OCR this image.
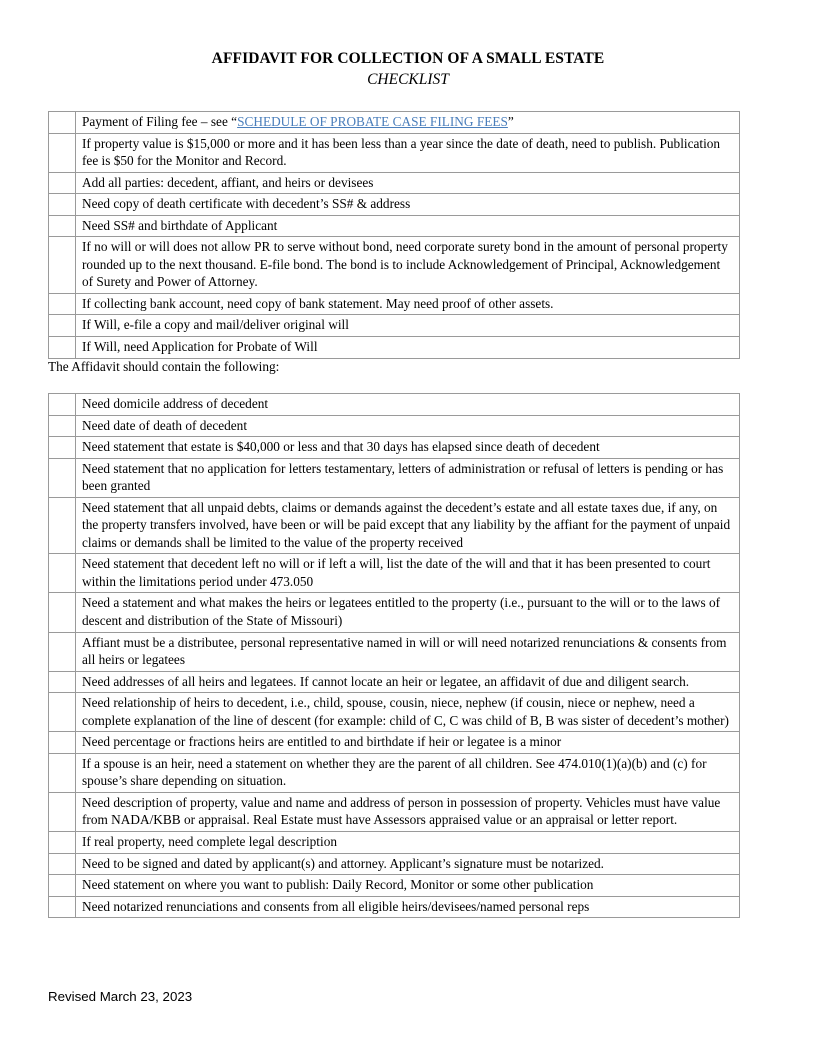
AFFIDAVIT FOR COLLECTION OF A SMALL ESTATE
CHECKLIST
	Payment of Filing fee – see “SCHEDULE OF PROBATE CASE FILING FEES”
	If property value is $15,000 or more and it has been less than a year since the date of death, need to publish. Publication fee is $50 for the Monitor and Record.
	Add all parties: decedent, affiant, and heirs or devisees
	Need copy of death certificate with decedent’s SS# & address
	Need SS# and birthdate of Applicant
	If no will or will does not allow PR to serve without bond, need corporate surety bond in the amount of personal property rounded up to the next thousand. E-file bond. The bond is to include Acknowledgement of Principal, Acknowledgement of Surety and Power of Attorney.
	If collecting bank account, need copy of bank statement. May need proof of other assets.
	If Will, e-file a copy and mail/deliver original will
	If Will, need Application for Probate of Will
The Affidavit should contain the following:
	Need domicile address of decedent
	Need date of death of decedent
	Need statement that estate is $40,000 or less and that 30 days has elapsed since death of decedent
	Need statement that no application for letters testamentary, letters of administration or refusal of letters is pending or has been granted
	Need statement that all unpaid debts, claims or demands against the decedent’s estate and all estate taxes due, if any, on the property transfers involved, have been or will be paid except that any liability by the affiant for the payment of unpaid claims or demands shall be limited to the value of the property received
	Need statement that decedent left no will or if left a will, list the date of the will and that it has been presented to court within the limitations period under 473.050
	Need a statement and what makes the heirs or legatees entitled to the property (i.e., pursuant to the will or to the laws of descent and distribution of the State of Missouri)
	Affiant must be a distributee, personal representative named in will or will need notarized renunciations & consents from all heirs or legatees
	Need addresses of all heirs and legatees. If cannot locate an heir or legatee, an affidavit of due and diligent search.
	Need relationship of heirs to decedent, i.e., child, spouse, cousin, niece, nephew (if cousin, niece or nephew, need a complete explanation of the line of descent (for example: child of C, C was child of B, B was sister of decedent’s mother)
	Need percentage or fractions heirs are entitled to and birthdate if heir or legatee is a minor
	If a spouse is an heir, need a statement on whether they are the parent of all children. See 474.010(1)(a)(b) and (c) for spouse’s share depending on situation.
	Need description of property, value and name and address of person in possession of property. Vehicles must have value from NADA/KBB or appraisal. Real Estate must have Assessors appraised value or an appraisal or letter report.
	If real property, need complete legal description
	Need to be signed and dated by applicant(s) and attorney. Applicant’s signature must be notarized.
	Need statement on where you want to publish: Daily Record, Monitor or some other publication
	Need notarized renunciations and consents from all eligible heirs/devisees/named personal reps
Revised March 23, 2023
